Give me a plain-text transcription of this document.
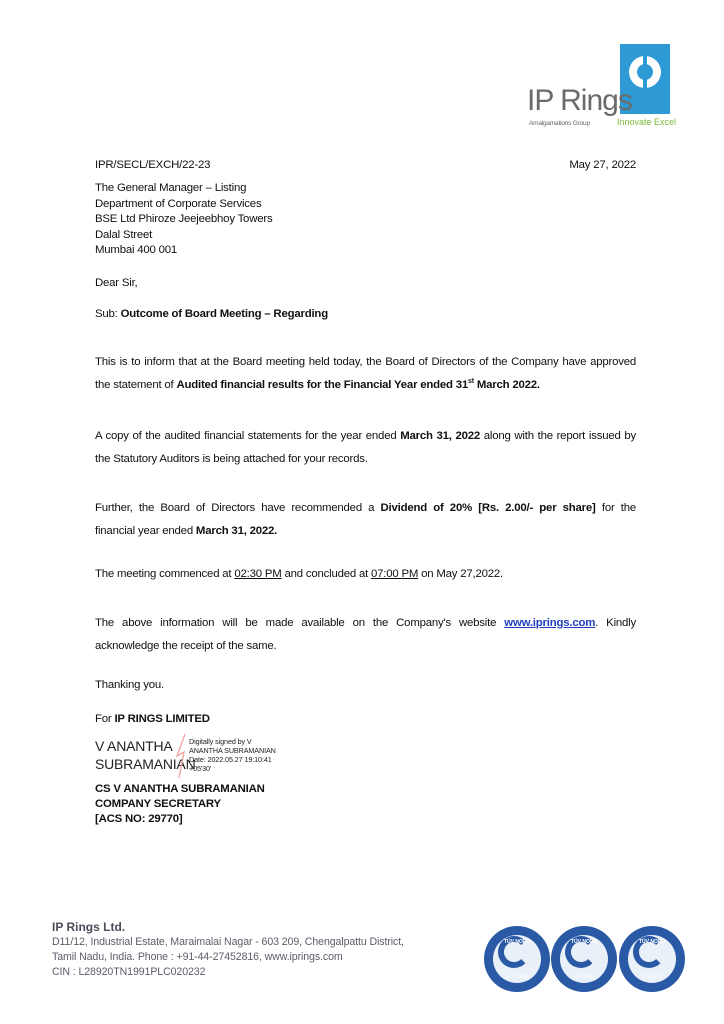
IP Rings
Amalgamations Group	Innovate Excel
IPR/SECL/EXCH/22-23	May 27, 2022
The General Manager – Listing
Department of Corporate Services
BSE Ltd Phiroze Jeejeebhoy Towers
Dalal Street
Mumbai 400 001
Dear Sir,
Sub: Outcome of Board Meeting – Regarding
This is to inform that at the Board meeting held today, the Board of Directors of the Company have approved
the statement of Audited financial results for the Financial Year ended 31st March 2022.
A copy of the audited financial statements for the year ended March 31, 2022 along with the report issued by
the Statutory Auditors is being attached for your records.
Further, the Board of Directors have recommended a Dividend of 20% [Rs. 2.00/- per share] for the
financial year ended March 31, 2022.
The meeting commenced at 02:30 PM and concluded at 07:00 PM on May 27,2022.
The above information will be made available on the Company's website www.iprings.com. Kindly
acknowledge the receipt of the same.
Thanking you.
For IP RINGS LIMITED
V ANANTHA
SUBRAMANIAN
Digitally signed by V
ANANTHA SUBRAMANIAN
Date: 2022.05.27 19:10:41
+05'30'
CS V ANANTHA SUBRAMANIAN
COMPANY SECRETARY
[ACS NO: 29770]
IP Rings Ltd.
D11/12, Industrial Estate, Maraimalai Nagar - 603 209, Chengalpattu District,
Tamil Nadu, India. Phone : +91-44-27452816, www.iprings.com
CIN : L28920TN1991PLC020232
TÜV NORD
IATF 16949
TÜV NORD
ISO 14001
TÜV NORD
ISO 45001
